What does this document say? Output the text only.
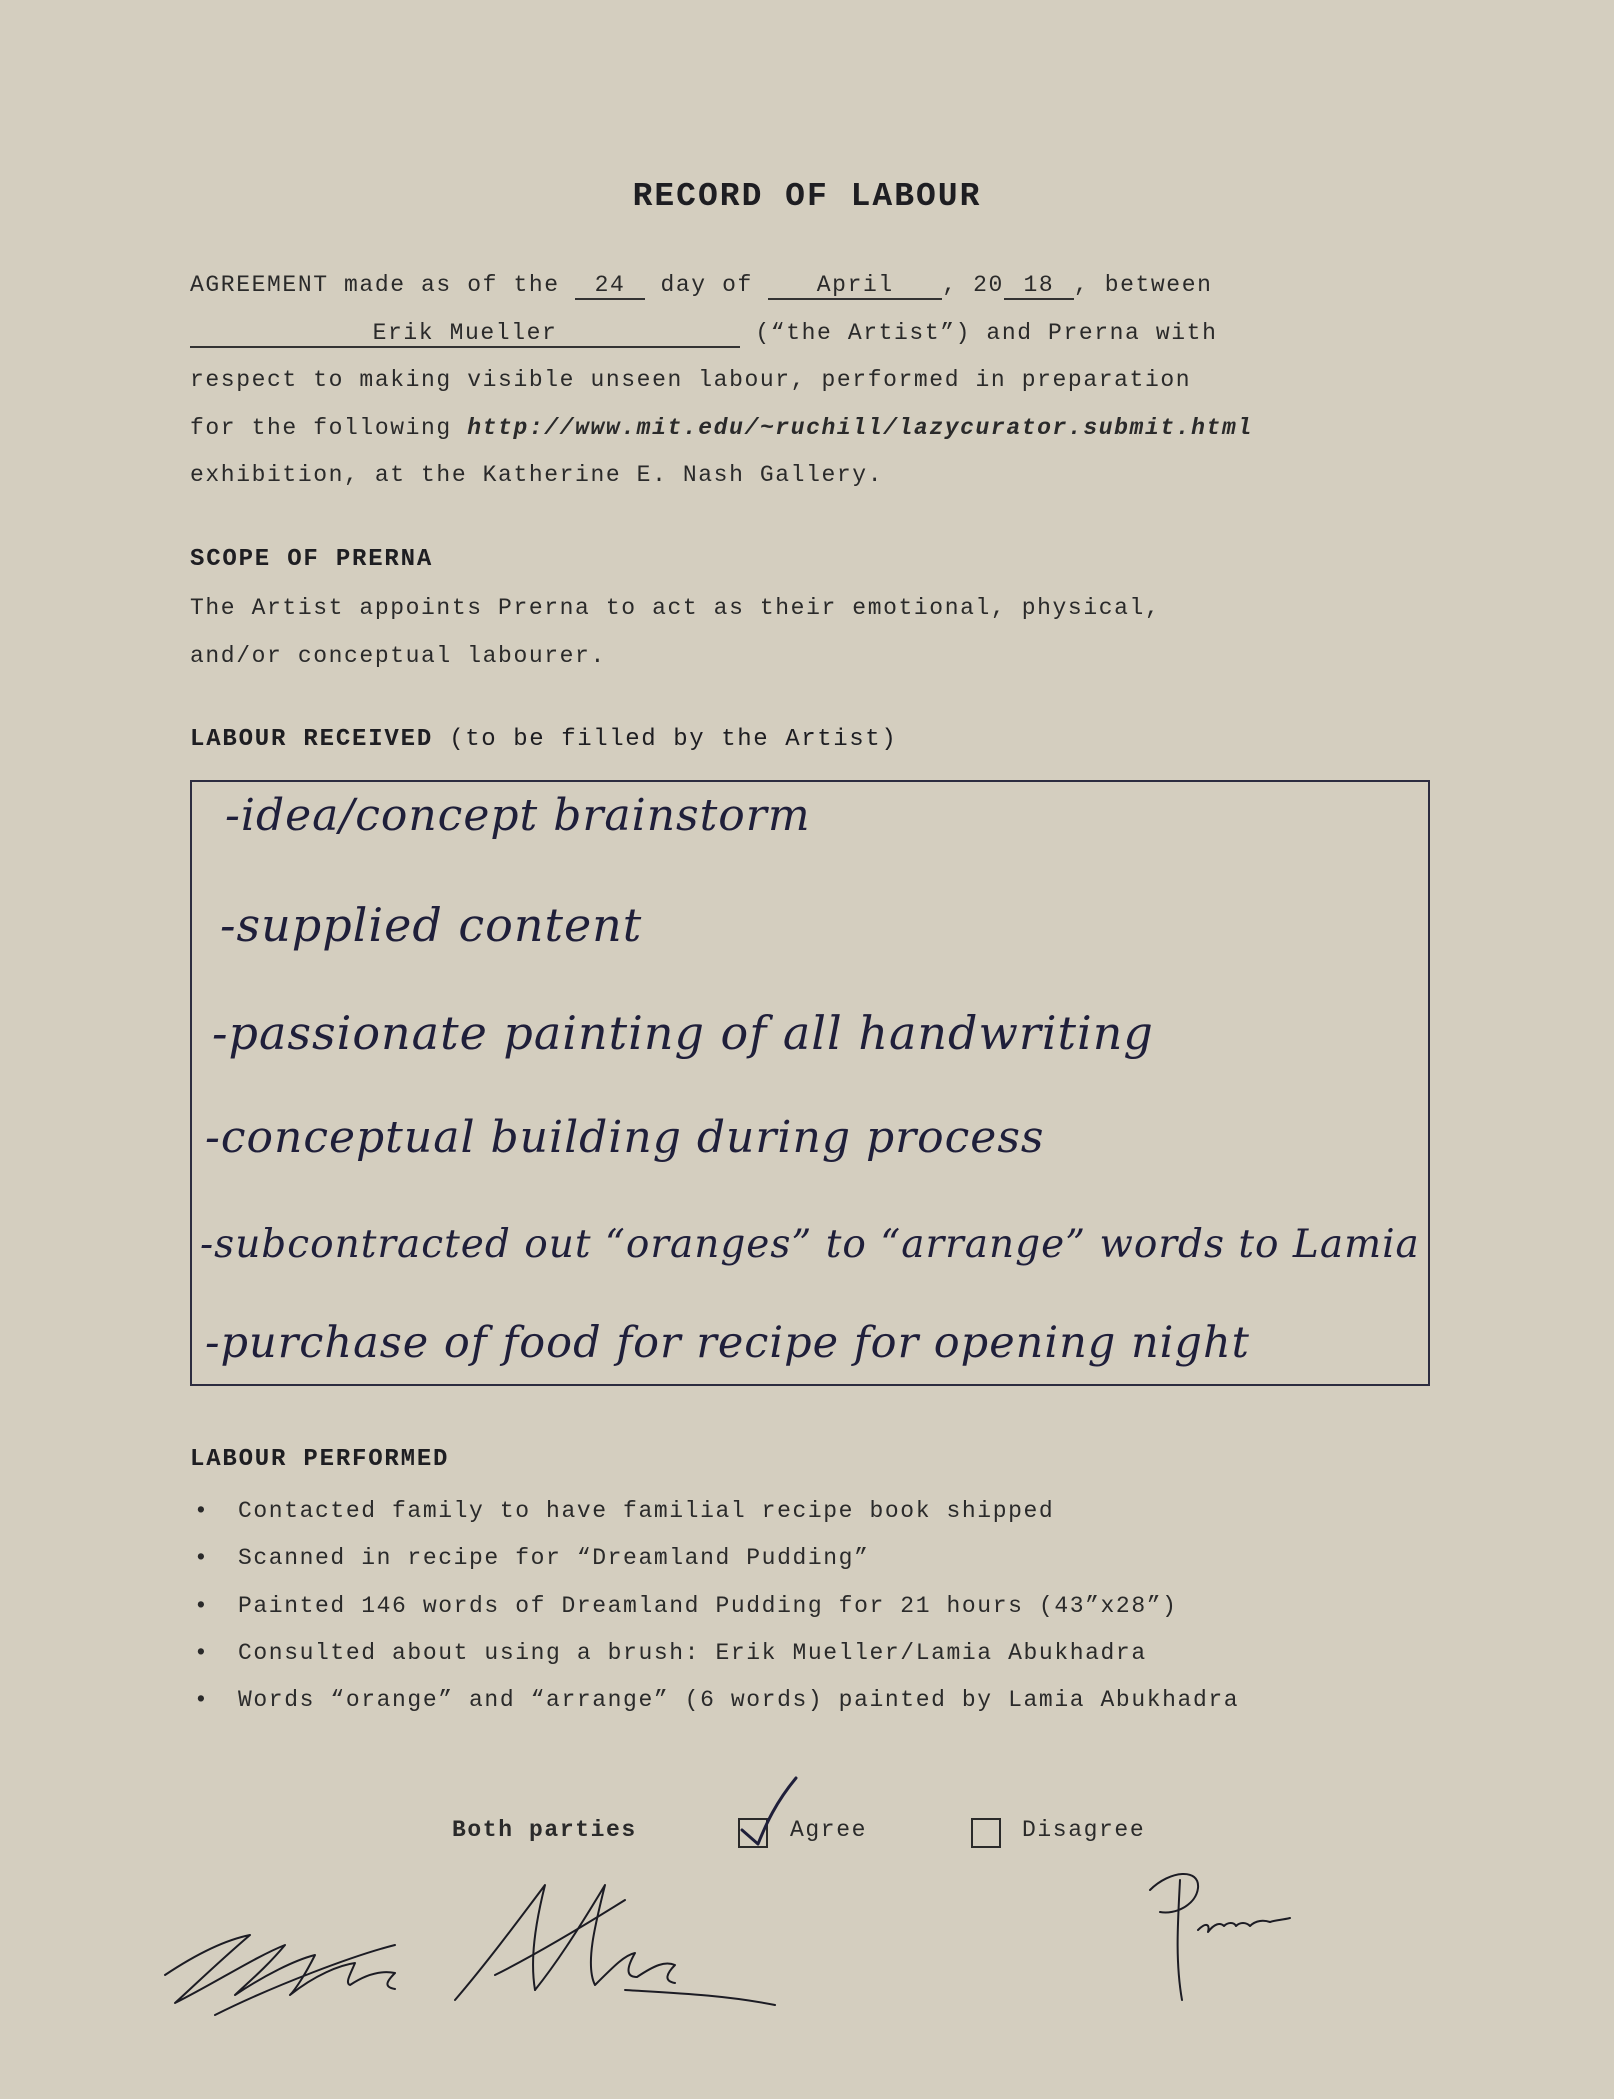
RECORD OF LABOUR
AGREEMENT made as of the 24 day of April , 20 18 , between
Erik Mueller	(“the Artist”) and Prerna with
respect to making visible unseen labour, performed in preparation
for the following http://www.mit.edu/~ruchill/lazycurator.submit.html
exhibition, at the Katherine E. Nash Gallery.
SCOPE OF PRERNA
The Artist appoints Prerna to act as their emotional, physical,
and/or conceptual labourer.
LABOUR RECEIVED (to be filled by the Artist)
-idea/concept brainstorm
-supplied content
-passionate painting of all handwriting
-conceptual building during process
-subcontracted out “oranges” to “arrange” words to Lamia
-purchase of food for recipe for opening night
LABOUR PERFORMED
• Contacted family to have familial recipe book shipped
• Scanned in recipe for “Dreamland Pudding”
• Painted 146 words of Dreamland Pudding for 21 hours (43”x28”)
• Consulted about using a brush: Erik Mueller/Lamia Abukhadra
• Words “orange” and “arrange” (6 words) painted by Lamia Abukhadra
Both parties	Agree	Disagree
